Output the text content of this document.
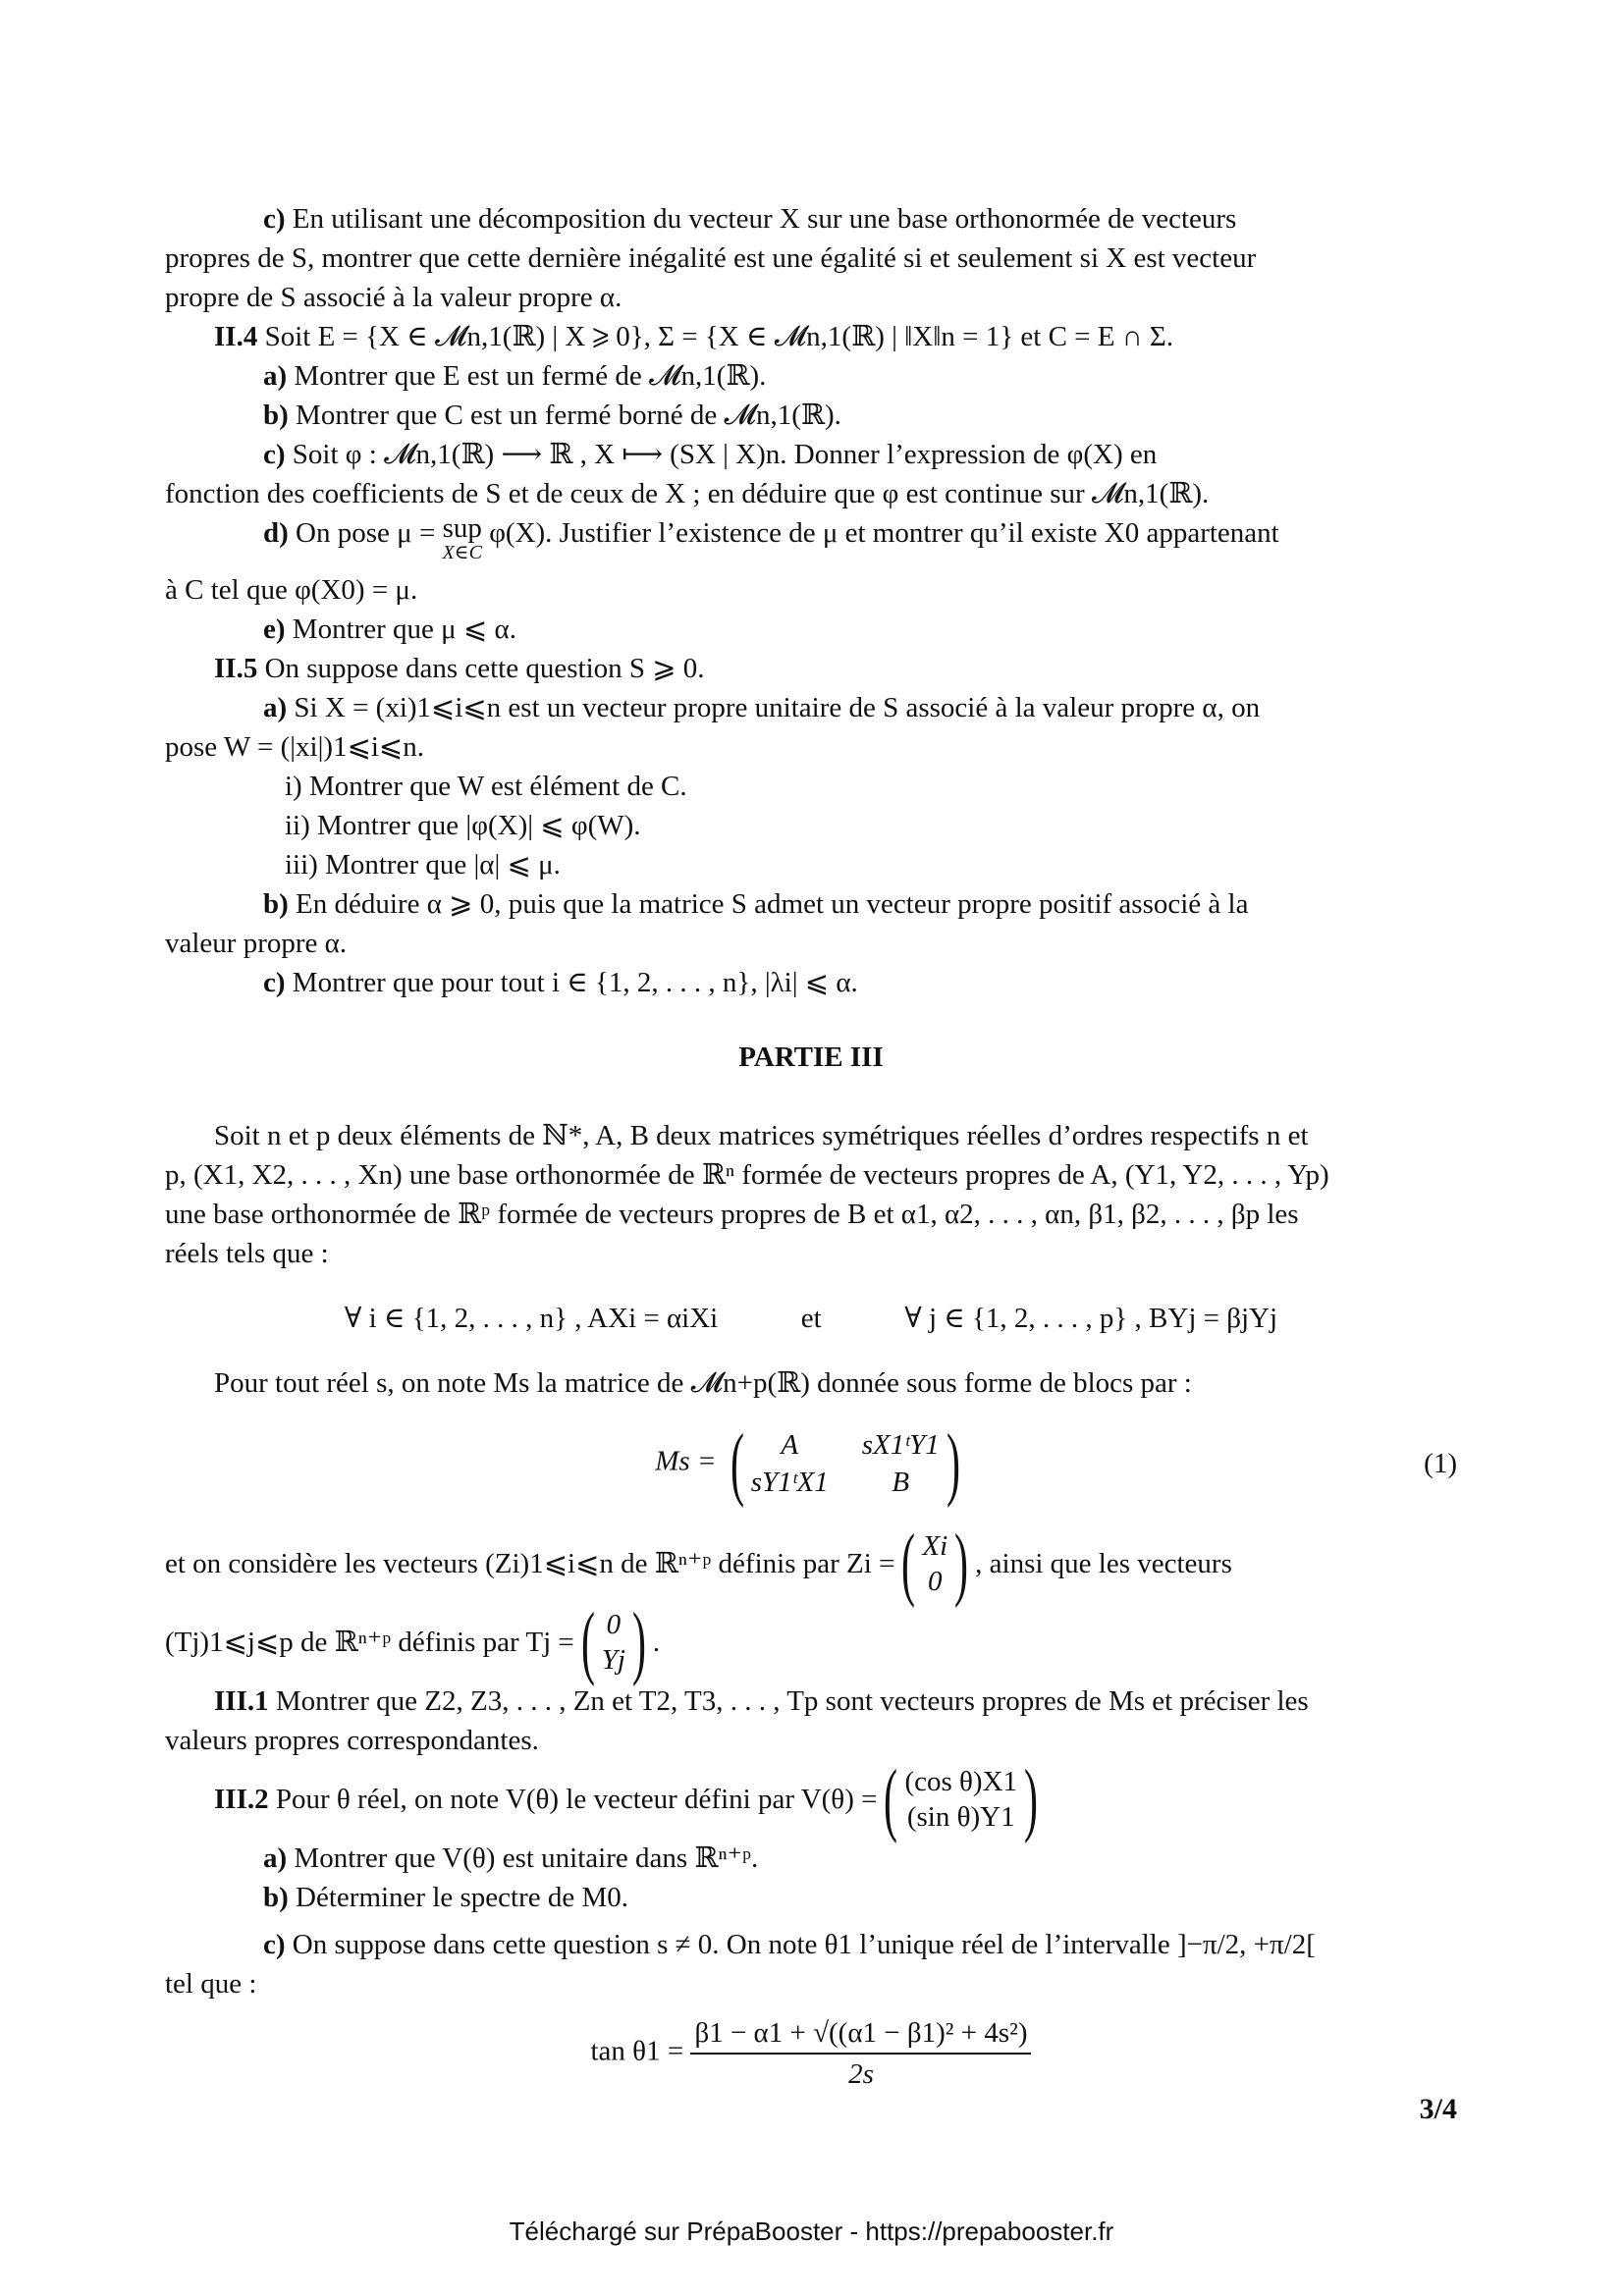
c) En utilisant une décomposition du vecteur X sur une base orthonormée de vecteurs
propres de S, montrer que cette dernière inégalité est une égalité si et seulement si X est vecteur
propre de S associé à la valeur propre α.
II.4 Soit E = {X ∈ 𝓜n,1(ℝ) | X ⩾ 0}, Σ = {X ∈ 𝓜n,1(ℝ) | ‖X‖n = 1} et C = E ∩ Σ.
a) Montrer que E est un fermé de 𝓜n,1(ℝ).
b) Montrer que C est un fermé borné de 𝓜n,1(ℝ).
c) Soit φ : 𝓜n,1(ℝ) ⟶ ℝ , X ⟼ (SX | X)n. Donner l’expression de φ(X) en
fonction des coefficients de S et de ceux de X ; en déduire que φ est continue sur 𝓜n,1(ℝ).
d) On pose μ = sup
X∈C
φ(X). Justifier l’existence de μ et montrer qu’il existe X0 appartenant
à C tel que φ(X0) = μ.
e) Montrer que μ ⩽ α.
II.5 On suppose dans cette question S ⩾ 0.
a) Si X = (xi)1⩽i⩽n est un vecteur propre unitaire de S associé à la valeur propre α, on
pose W = (|xi|)1⩽i⩽n.
i) Montrer que W est élément de C.
ii) Montrer que |φ(X)| ⩽ φ(W).
iii) Montrer que |α| ⩽ μ.
b) En déduire α ⩾ 0, puis que la matrice S admet un vecteur propre positif associé à la
valeur propre α.
c) Montrer que pour tout i ∈ {1, 2, . . . , n}, |λi| ⩽ α.
PARTIE III
Soit n et p deux éléments de ℕ*, A, B deux matrices symétriques réelles d’ordres respectifs n et
p, (X1, X2, . . . , Xn) une base orthonormée de ℝⁿ formée de vecteurs propres de A, (Y1, Y2, . . . , Yp)
une base orthonormée de ℝᵖ formée de vecteurs propres de B et α1, α2, . . . , αn, β1, β2, . . . , βp les
réels tels que :
∀ i ∈ {1, 2, . . . , n} , AXi = αiXi	et	∀ j ∈ {1, 2, . . . , p} , BYj = βjYj
Pour tout réel s, on note Ms la matrice de 𝓜n+p(ℝ) donnée sous forme de blocs par :
Ms = (	A	sX1ᵗY1
sY1ᵗX1	B )	(1)
et on considère les vecteurs (Zi)1⩽i⩽n de ℝⁿ⁺ᵖ définis par Zi = ( Xi
0 ) , ainsi que les vecteurs
(Tj)1⩽j⩽p de ℝⁿ⁺ᵖ définis par Tj = ( 0
Yj ) .
III.1 Montrer que Z2, Z3, . . . , Zn et T2, T3, . . . , Tp sont vecteurs propres de Ms et préciser les
valeurs propres correspondantes.
III.2
Pour θ réel, on note V(θ) le vecteur défini par V(θ) = ( (cos θ)X1
(sin θ)Y1 )
a) Montrer que V(θ) est unitaire dans ℝⁿ⁺ᵖ.
b) Déterminer le spectre de M0.
c) On suppose dans cette question s ≠ 0. On note θ1 l’unique réel de l’intervalle ]−π/2, +π/2[
tel que :
$\tan \theta 1 = \frac{\text{β1 − α1 + √((α1 − β1)² + 4s²)}}{2s}$
3/4
Téléchargé sur PrépaBooster - https://prepabooster.fr
